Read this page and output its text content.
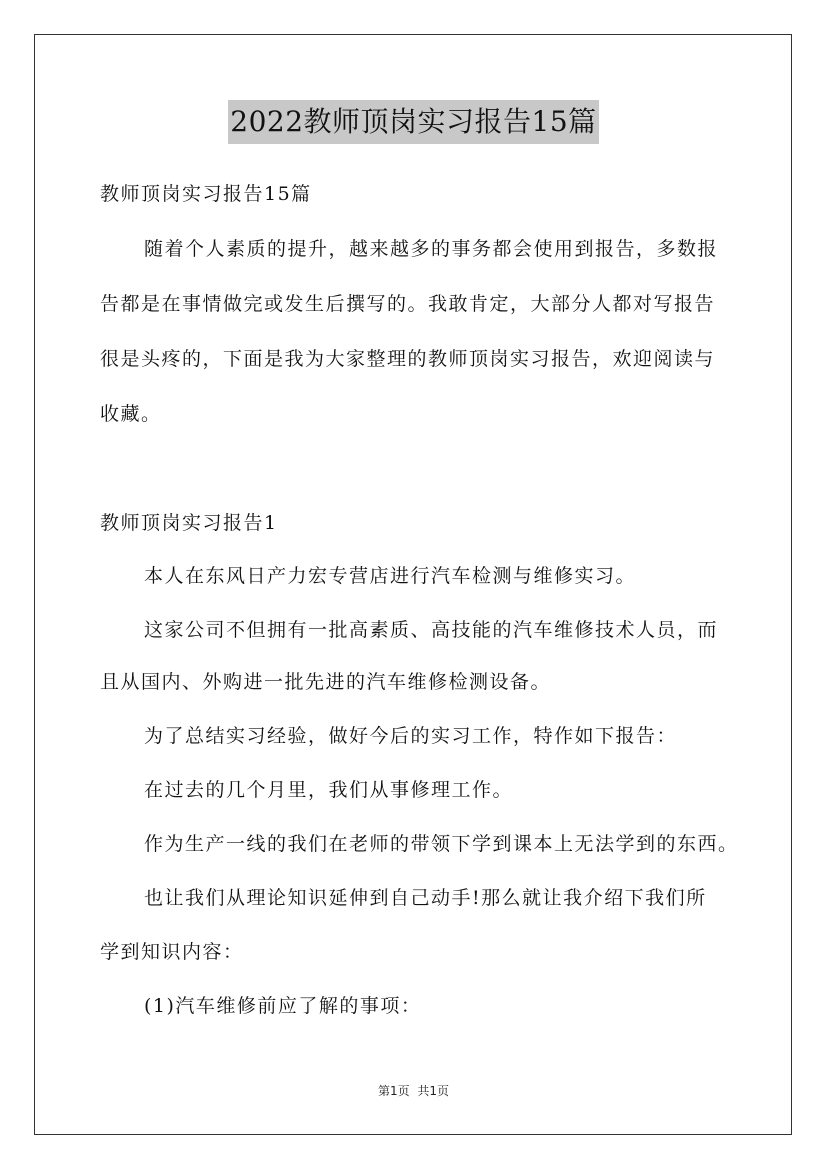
2022教师顶岗实习报告15篇
教师顶岗实习报告15篇
随着个人素质的提升，越来越多的事务都会使用到报告，多数报
告都是在事情做完或发生后撰写的。我敢肯定，大部分人都对写报告
很是头疼的，下面是我为大家整理的教师顶岗实习报告，欢迎阅读与
收藏。
教师顶岗实习报告1
本人在东风日产力宏专营店进行汽车检测与维修实习。
这家公司不但拥有一批高素质、高技能的汽车维修技术人员，而
且从国内、外购进一批先进的汽车维修检测设备。
为了总结实习经验，做好今后的实习工作，特作如下报告：
在过去的几个月里，我们从事修理工作。
作为生产一线的我们在老师的带领下学到课本上无法学到的东西。
也让我们从理论知识延伸到自己动手!那么就让我介绍下我们所
学到知识内容：
(1)汽车维修前应了解的事项：
第1页 共1页
